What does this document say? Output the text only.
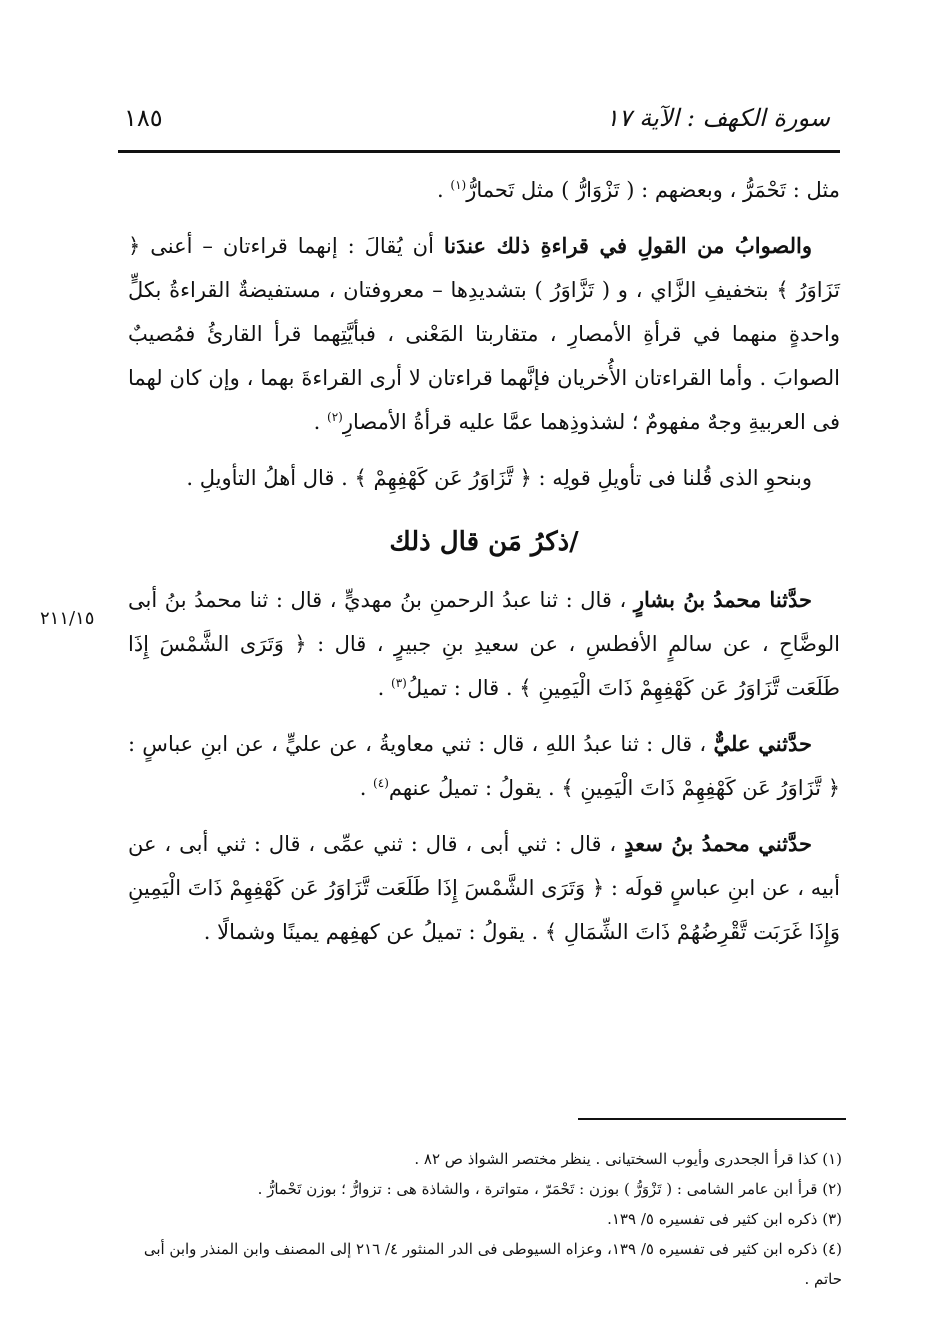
سورة الكهف : الآية ١٧
١٨٥
٢١١/١٥

مثل : تَحْمَرُّ ، وبعضهم : ( تَزْوَارُّ ) مثل تَحمارُّ$^{(١)}$ .

والصوابُ من القولِ في قراءةِ ذلك عندَنا أن يُقالَ : إنهما قراءتان – أعنى ﴿ تَزَاوَرُ ﴾ بتخفيفِ الزَّاي ، و ( تَزَّاوَرُ ) بتشديدِها – معروفتان ، مستفيضةٌ القراءةُ بكلٍّ واحدةٍ منهما في قرأةِ الأمصارِ ، متقاربتا المَعْنى ، فبأيَّتِهما قرأ القارئُ فمُصيبٌ الصوابَ . وأما القراءتان الأُخريان فإنَّهما قراءتان لا أرى القراءةَ بهما ، وإن كان لهما فى العربيةِ وجهٌ مفهومٌ ؛ لشذوذِهما عمَّا عليه قرأةُ الأمصارِ$^{(٢)}$ .

وبنحوِ الذى قُلنا فى تأويلِ قولِه : ﴿ تَّزَاوَرُ عَن كَهْفِهِمْ ﴾ . قال أهلُ التأويلِ .

/ذكرُ مَن قال ذلك

حدَّثنا محمدُ بنُ بشارٍ ، قال : ثنا عبدُ الرحمنِ بنُ مهديٍّ ، قال : ثنا محمدُ بنُ أبى الوضَّاحِ ، عن سالمٍ الأفطسِ ، عن سعيدِ بنِ جبيرٍ ، قال : ﴿ وَتَرَى الشَّمْسَ إِذَا طَلَعَت تَّزَاوَرُ عَن كَهْفِهِمْ ذَاتَ الْيَمِينِ ﴾ . قال : تميلُ$^{(٣)}$ .

حدَّثني عليٌّ ، قال : ثنا عبدُ اللهِ ، قال : ثني معاويةُ ، عن عليٍّ ، عن ابنِ عباسٍ : ﴿ تَّزَاوَرُ عَن كَهْفِهِمْ ذَاتَ الْيَمِينِ ﴾ . يقولُ : تميلُ عنهم$^{(٤)}$ .

حدَّثني محمدُ بنُ سعدٍ ، قال : ثني أبى ، قال : ثني عمِّى ، قال : ثني أبى ، عن أبيه ، عن ابنِ عباسٍ قولَه : ﴿ وَتَرَى الشَّمْسَ إِذَا طَلَعَت تَّزَاوَرُ عَن كَهْفِهِمْ ذَاتَ الْيَمِينِ وَإِذَا غَرَبَت تَّقْرِضُهُمْ ذَاتَ الشِّمَالِ ﴾ . يقولُ : تميلُ عن كهفِهم يمينًا وشمالًا .

(١) كذا قرأ الجحدرى وأيوب السختيانى . ينظر مختصر الشواذ ص ٨٢ .

(٢) قرأ ابن عامر الشامى : ( تَزْوَرُّ ) بوزن : تَحْمَرّ ، متواترة ، والشاذة هى : تزوارُّ ؛ بوزن تَحْمارُّ .

(٣) ذكره ابن كثير فى تفسيره ٥/ ١٣٩.

(٤) ذكره ابن كثير فى تفسيره ٥/ ١٣٩، وعزاه السيوطى فى الدر المنثور ٤/ ٢١٦ إلى المصنف وابن المنذر وابن أبى حاتم .
